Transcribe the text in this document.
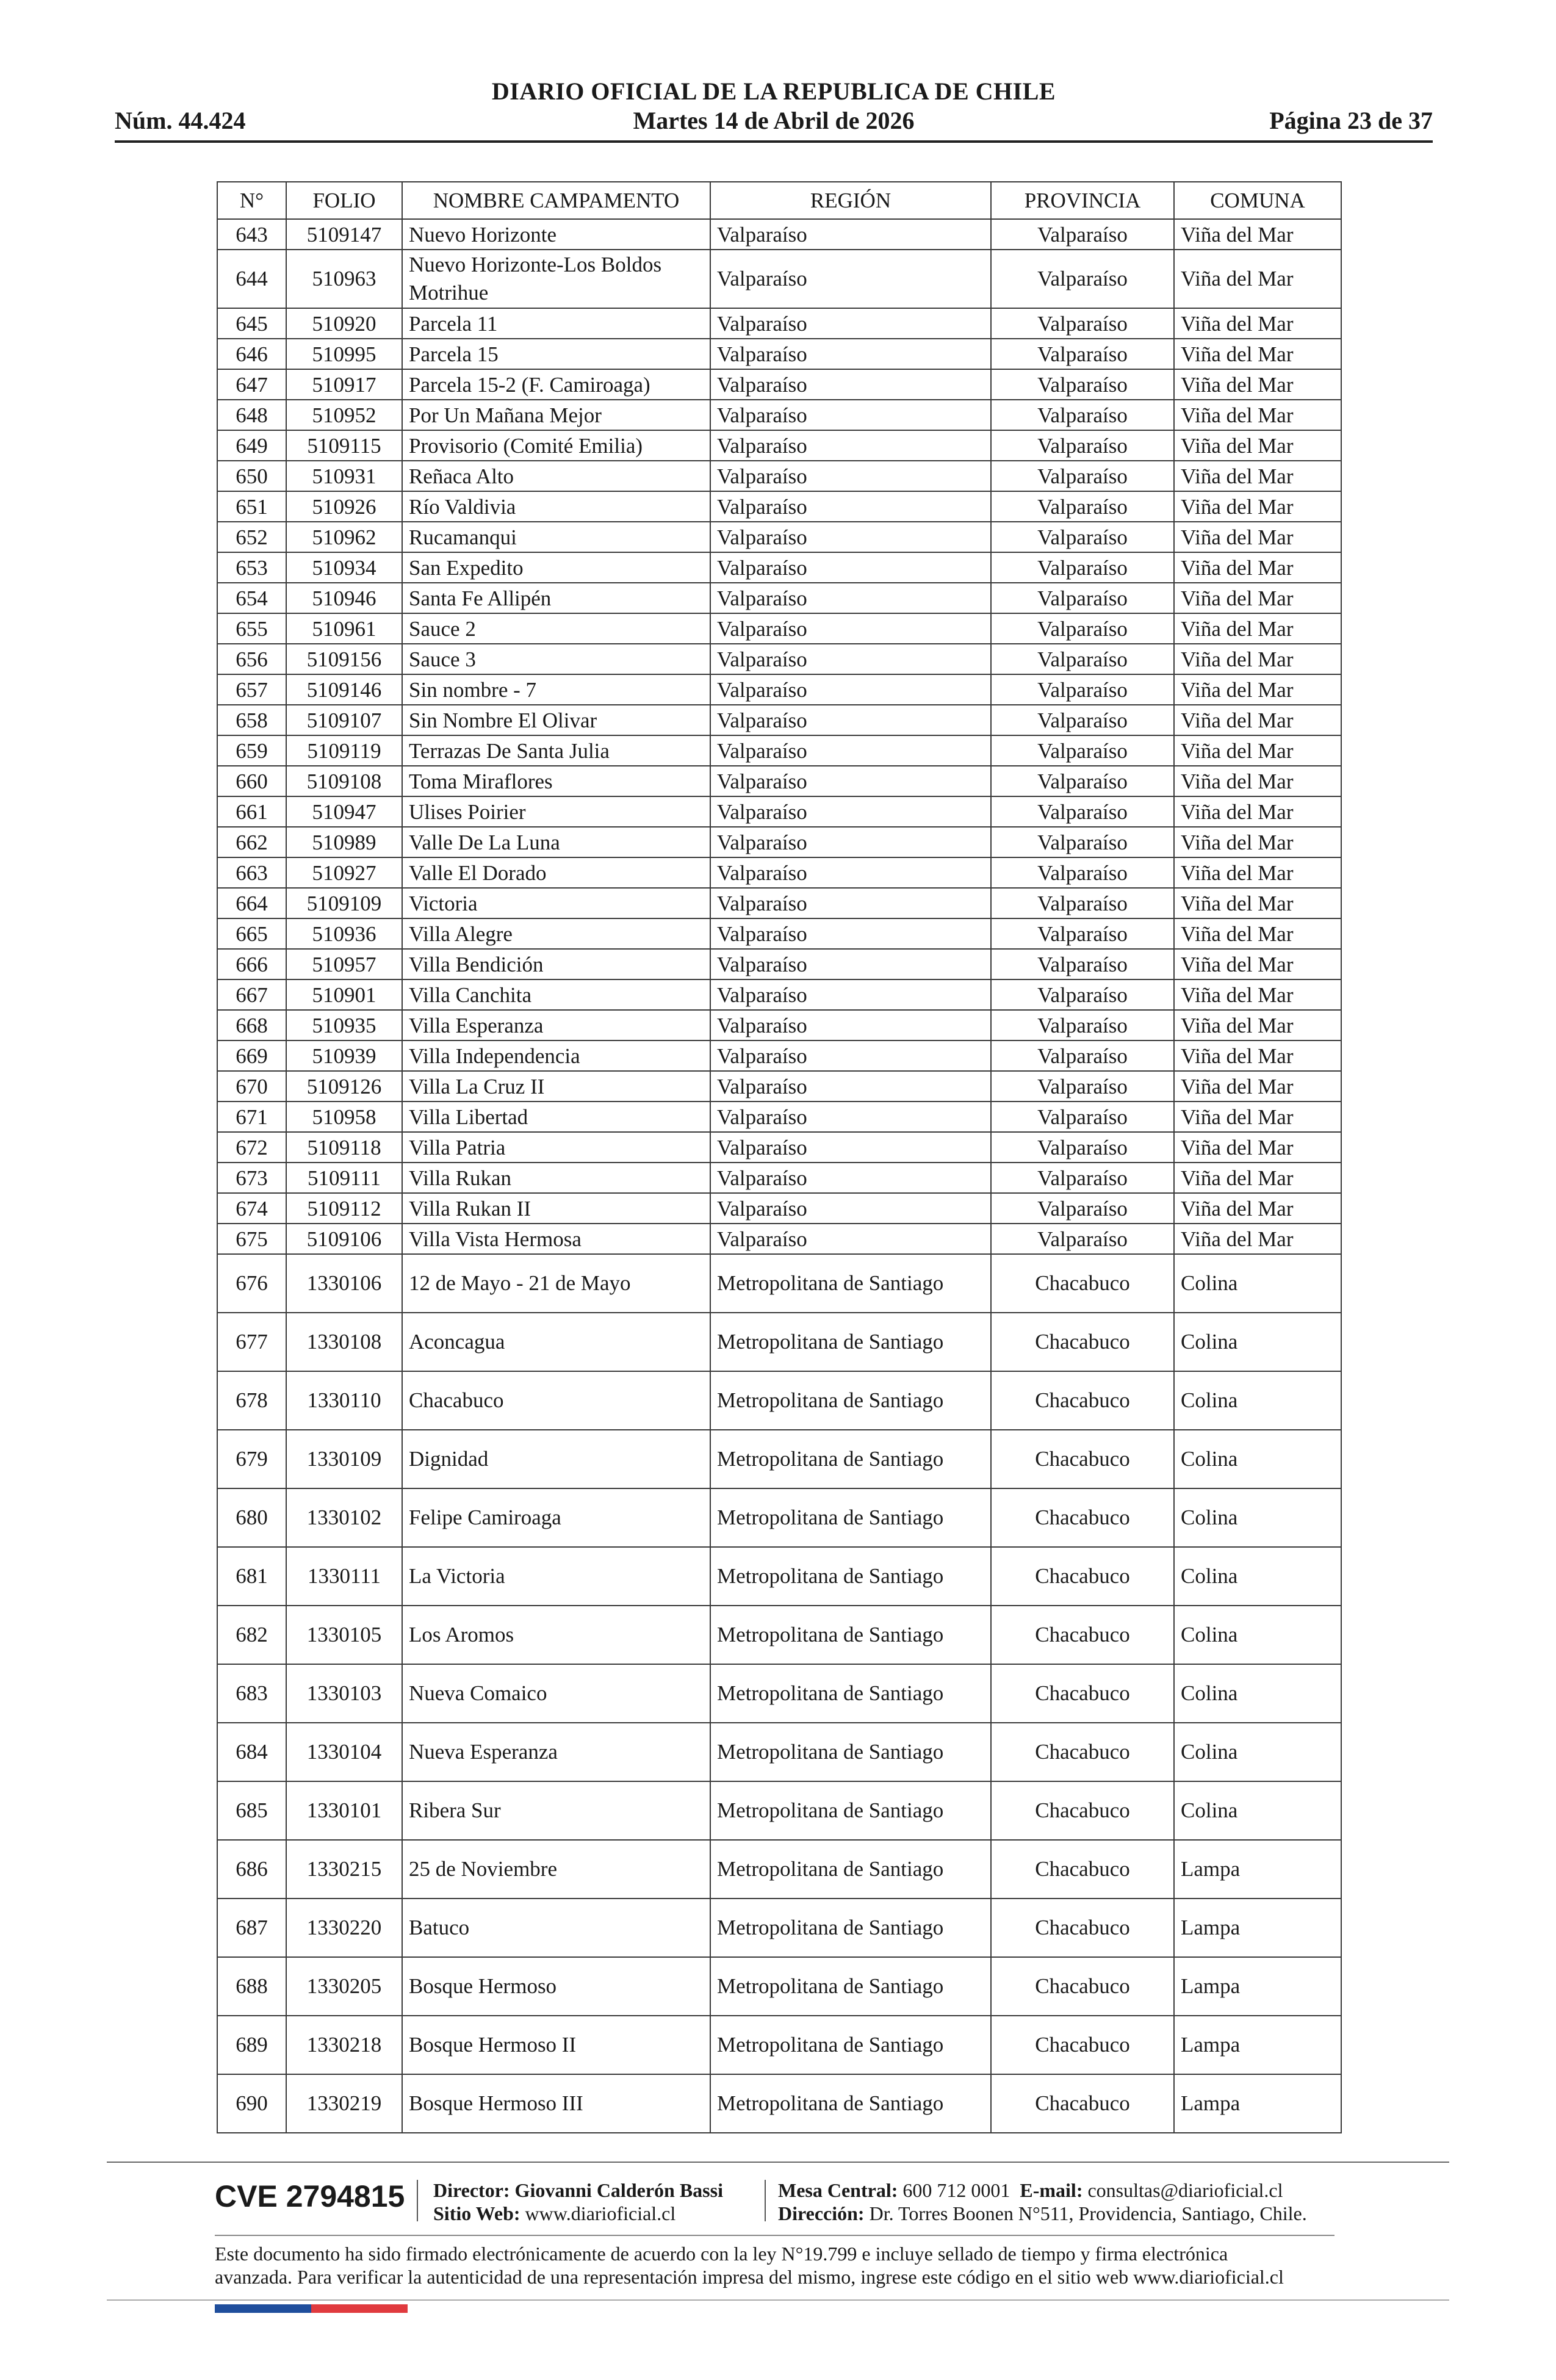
DIARIO OFICIAL DE LA REPUBLICA DE CHILE
Núm. 44.424	Martes 14 de Abril de 2026	Página 23 de 37
N°	FOLIO	NOMBRE CAMPAMENTO	REGIÓN	PROVINCIA	COMUNA
643	5109147	Nuevo Horizonte	Valparaíso	Valparaíso	Viña del Mar
644	510963	Nuevo Horizonte-Los Boldos Motrihue	Valparaíso	Valparaíso	Viña del Mar
645	510920	Parcela 11	Valparaíso	Valparaíso	Viña del Mar
646	510995	Parcela 15	Valparaíso	Valparaíso	Viña del Mar
647	510917	Parcela 15-2 (F. Camiroaga)	Valparaíso	Valparaíso	Viña del Mar
648	510952	Por Un Mañana Mejor	Valparaíso	Valparaíso	Viña del Mar
649	5109115	Provisorio (Comité Emilia)	Valparaíso	Valparaíso	Viña del Mar
650	510931	Reñaca Alto	Valparaíso	Valparaíso	Viña del Mar
651	510926	Río Valdivia	Valparaíso	Valparaíso	Viña del Mar
652	510962	Rucamanqui	Valparaíso	Valparaíso	Viña del Mar
653	510934	San Expedito	Valparaíso	Valparaíso	Viña del Mar
654	510946	Santa Fe Allipén	Valparaíso	Valparaíso	Viña del Mar
655	510961	Sauce 2	Valparaíso	Valparaíso	Viña del Mar
656	5109156	Sauce 3	Valparaíso	Valparaíso	Viña del Mar
657	5109146	Sin nombre - 7	Valparaíso	Valparaíso	Viña del Mar
658	5109107	Sin Nombre El Olivar	Valparaíso	Valparaíso	Viña del Mar
659	5109119	Terrazas De Santa Julia	Valparaíso	Valparaíso	Viña del Mar
660	5109108	Toma Miraflores	Valparaíso	Valparaíso	Viña del Mar
661	510947	Ulises Poirier	Valparaíso	Valparaíso	Viña del Mar
662	510989	Valle De La Luna	Valparaíso	Valparaíso	Viña del Mar
663	510927	Valle El Dorado	Valparaíso	Valparaíso	Viña del Mar
664	5109109	Victoria	Valparaíso	Valparaíso	Viña del Mar
665	510936	Villa Alegre	Valparaíso	Valparaíso	Viña del Mar
666	510957	Villa Bendición	Valparaíso	Valparaíso	Viña del Mar
667	510901	Villa Canchita	Valparaíso	Valparaíso	Viña del Mar
668	510935	Villa Esperanza	Valparaíso	Valparaíso	Viña del Mar
669	510939	Villa Independencia	Valparaíso	Valparaíso	Viña del Mar
670	5109126	Villa La Cruz II	Valparaíso	Valparaíso	Viña del Mar
671	510958	Villa Libertad	Valparaíso	Valparaíso	Viña del Mar
672	5109118	Villa Patria	Valparaíso	Valparaíso	Viña del Mar
673	5109111	Villa Rukan	Valparaíso	Valparaíso	Viña del Mar
674	5109112	Villa Rukan II	Valparaíso	Valparaíso	Viña del Mar
675	5109106	Villa Vista Hermosa	Valparaíso	Valparaíso	Viña del Mar
676	1330106	12 de Mayo - 21 de Mayo	Metropolitana de Santiago	Chacabuco	Colina
677	1330108	Aconcagua	Metropolitana de Santiago	Chacabuco	Colina
678	1330110	Chacabuco	Metropolitana de Santiago	Chacabuco	Colina
679	1330109	Dignidad	Metropolitana de Santiago	Chacabuco	Colina
680	1330102	Felipe Camiroaga	Metropolitana de Santiago	Chacabuco	Colina
681	1330111	La Victoria	Metropolitana de Santiago	Chacabuco	Colina
682	1330105	Los Aromos	Metropolitana de Santiago	Chacabuco	Colina
683	1330103	Nueva Comaico	Metropolitana de Santiago	Chacabuco	Colina
684	1330104	Nueva Esperanza	Metropolitana de Santiago	Chacabuco	Colina
685	1330101	Ribera Sur	Metropolitana de Santiago	Chacabuco	Colina
686	1330215	25 de Noviembre	Metropolitana de Santiago	Chacabuco	Lampa
687	1330220	Batuco	Metropolitana de Santiago	Chacabuco	Lampa
688	1330205	Bosque Hermoso	Metropolitana de Santiago	Chacabuco	Lampa
689	1330218	Bosque Hermoso II	Metropolitana de Santiago	Chacabuco	Lampa
690	1330219	Bosque Hermoso III	Metropolitana de Santiago	Chacabuco	Lampa
CVE 2794815 Director: Giovanni Calderón Bassi
Sitio Web: www.diarioficial.cl
Mesa Central: 600 712 0001 E-mail: consultas@diarioficial.cl
Dirección: Dr. Torres Boonen N°511, Providencia, Santiago, Chile.
Este documento ha sido firmado electrónicamente de acuerdo con la ley N°19.799 e incluye sellado de tiempo y firma electrónica
avanzada. Para verificar la autenticidad de una representación impresa del mismo, ingrese este código en el sitio web www.diarioficial.cl
